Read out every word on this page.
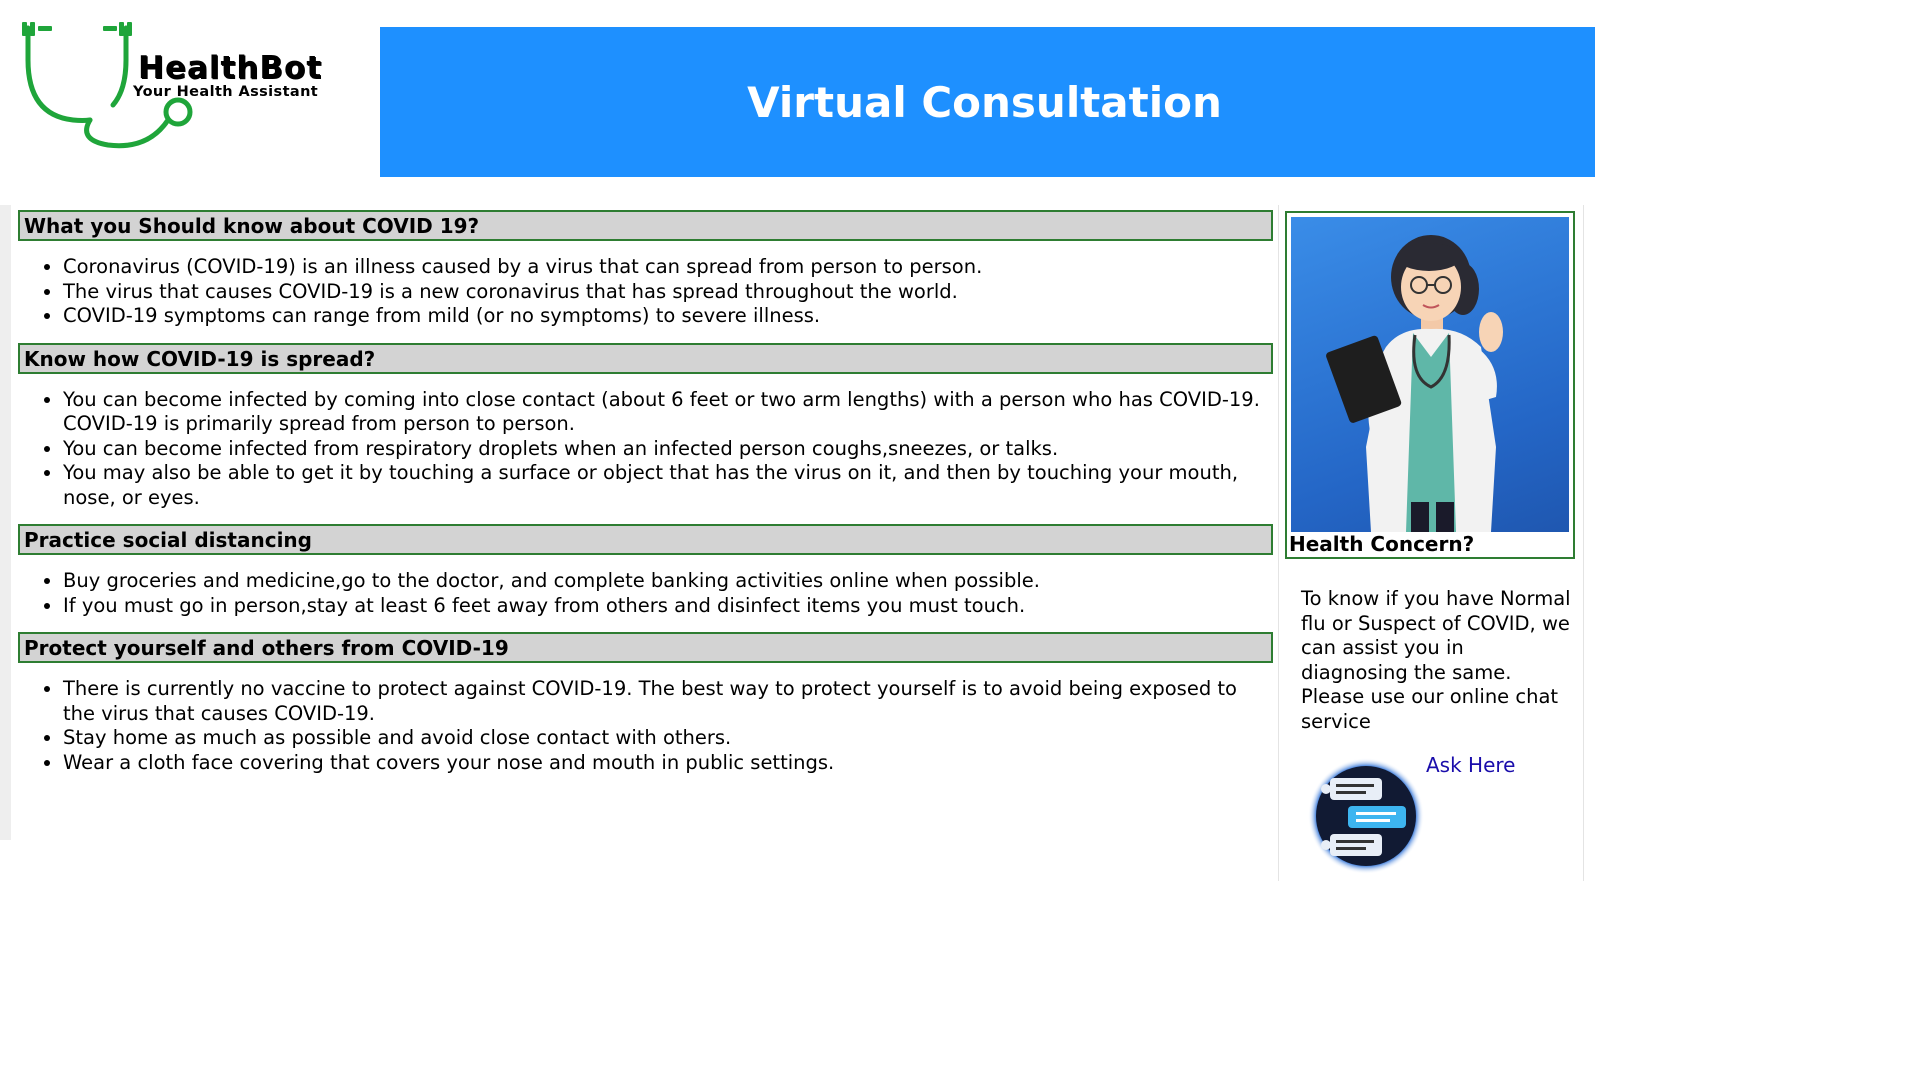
HealthBot
Your Health Assistant	Virtual Consultation
What you Should know about COVID 19?
• Coronavirus (COVID-19) is an illness caused by a virus that can spread from person to person.
• The virus that causes COVID-19 is a new coronavirus that has spread throughout the world.
• COVID-19 symptoms can range from mild (or no symptoms) to severe illness.
Know how COVID-19 is spread?
• You can become infected by coming into close contact (about 6 feet or two arm lengths) with a person who has COVID-19. COVID-19 is primarily spread from person to person.
• You can become infected from respiratory droplets when an infected person coughs,sneezes, or talks.
• You may also be able to get it by touching a surface or object that has the virus on it, and then by touching your mouth, nose, or eyes.
Practice social distancing
• Buy groceries and medicine,go to the doctor, and complete banking activities online when possible.
• If you must go in person,stay at least 6 feet away from others and disinfect items you must touch.
Protect yourself and others from COVID-19
• There is currently no vaccine to protect against COVID-19. The best way to protect yourself is to avoid being exposed to the virus that causes COVID-19.
• Stay home as much as possible and avoid close contact with others.
• Wear a cloth face covering that covers your nose and mouth in public settings.
Health Concern?
To know if you have Normal flu or Suspect of COVID, we can assist you in diagnosing the same. Please use our online chat service
Ask Here
